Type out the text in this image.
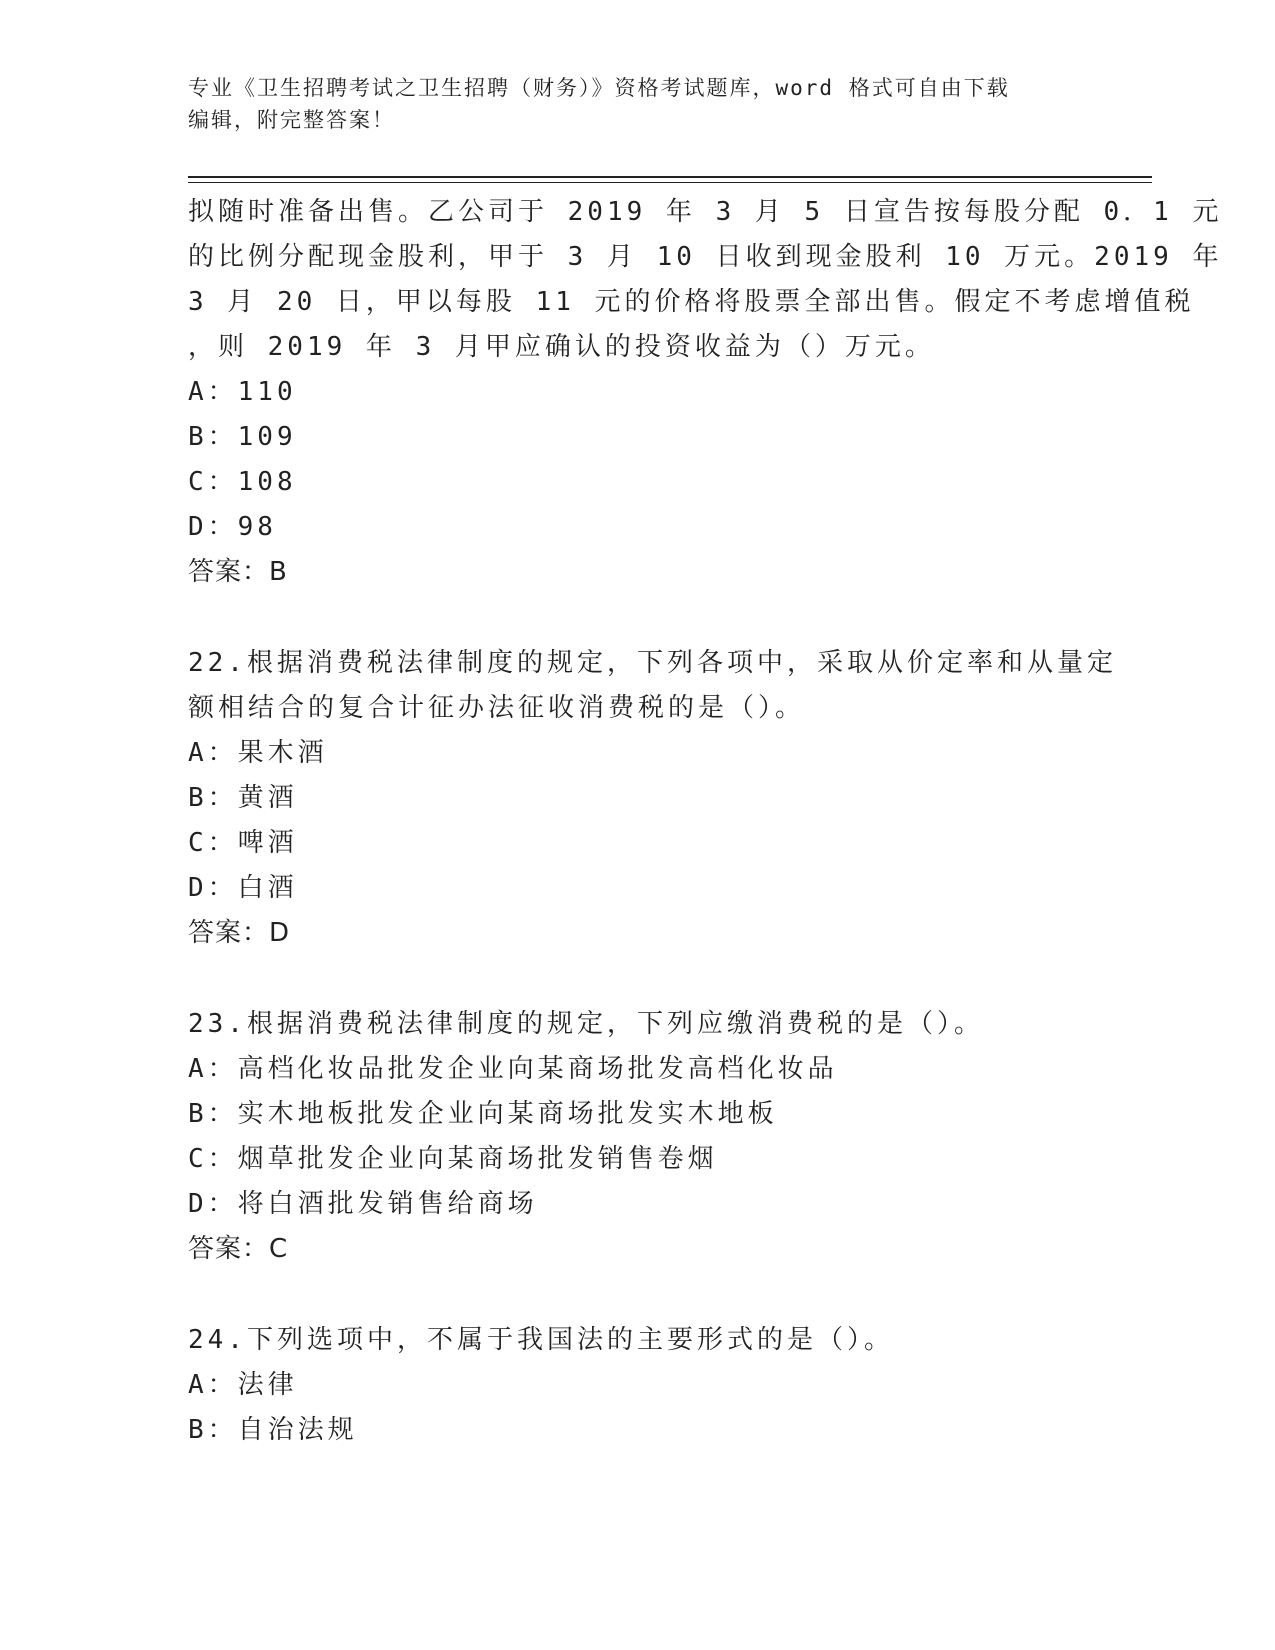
专业《卫生招聘考试之卫生招聘（财务）》资格考试题库，word 格式可自由下载
编辑，附完整答案！
拟随时准备出售。乙公司于 2019 年 3 月 5 日宣告按每股分配 0．1 元
的比例分配现金股利，甲于 3 月 10 日收到现金股利 10 万元。2019 年
3 月 20 日，甲以每股 11 元的价格将股票全部出售。假定不考虑增值税
，则 2019 年 3 月甲应确认的投资收益为（）万元。
A：110
B：109
C：108
D：98
答案：B
22.根据消费税法律制度的规定，下列各项中，采取从价定率和从量定
额相结合的复合计征办法征收消费税的是（）。
A：果木酒
B：黄酒
C：啤酒
D：白酒
答案：D
23.根据消费税法律制度的规定，下列应缴消费税的是（）。
A：高档化妆品批发企业向某商场批发高档化妆品
B：实木地板批发企业向某商场批发实木地板
C：烟草批发企业向某商场批发销售卷烟
D：将白酒批发销售给商场
答案：C
24.下列选项中，不属于我国法的主要形式的是（）。
A：法律
B：自治法规
